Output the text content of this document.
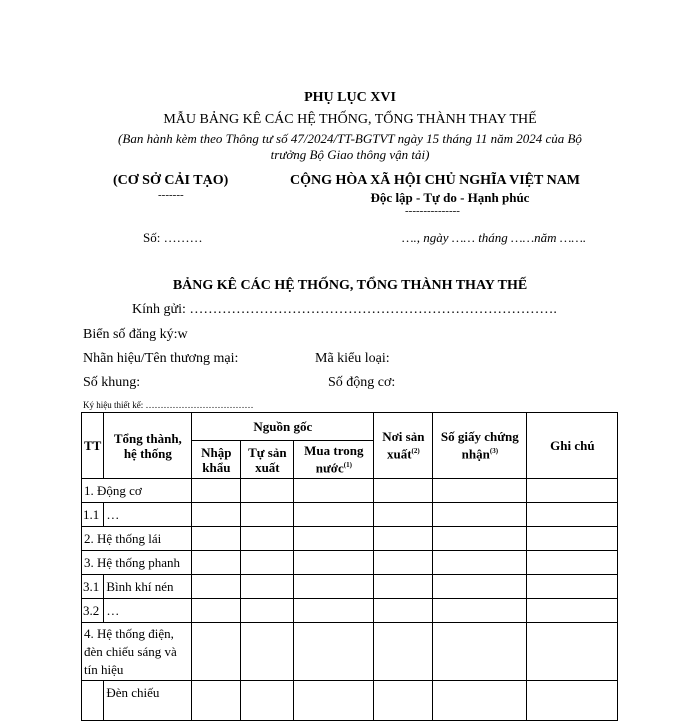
PHỤ LỤC XVI
MẪU BẢNG KÊ CÁC HỆ THỐNG, TỔNG THÀNH THAY THẾ
(Ban hành kèm theo Thông tư số 47/2024/TT-BGTVT ngày 15 tháng 11 năm 2024 của Bộ
trưởng Bộ Giao thông vận tải)
(CƠ SỞ CẢI TẠO)
-------
CỘNG HÒA XÃ HỘI CHỦ NGHĨA VIỆT NAM
Độc lập - Tự do - Hạnh phúc
---------------
Số: ………	…., ngày …… tháng ……năm …….
BẢNG KÊ CÁC HỆ THỐNG, TỔNG THÀNH THAY THẾ
Kính gửi: …………………………………………………………………….
Biển số đăng ký:w
Nhãn hiệu/Tên thương mại:	Mã kiểu loại:
Số khung:	Số động cơ:
Ký hiệu thiết kế: ………………………………
TT	Tổng thành, hệ thống	Nguồn gốc			Nơi sản xuất$^{(2)}$	Số giấy chứng nhận$^{(3)}$	Ghi chú
		Nhập khẩu	Tự sản xuất	Mua trong nước$^{(1)}$
1. Động cơ							
1.1	…						
2. Hệ thống lái							
3. Hệ thống phanh							
3.1	Bình khí nén						
3.2	…						

4. Hệ thống điện, đèn chiếu sáng và tín hiệu							

	Đèn chiếu						
